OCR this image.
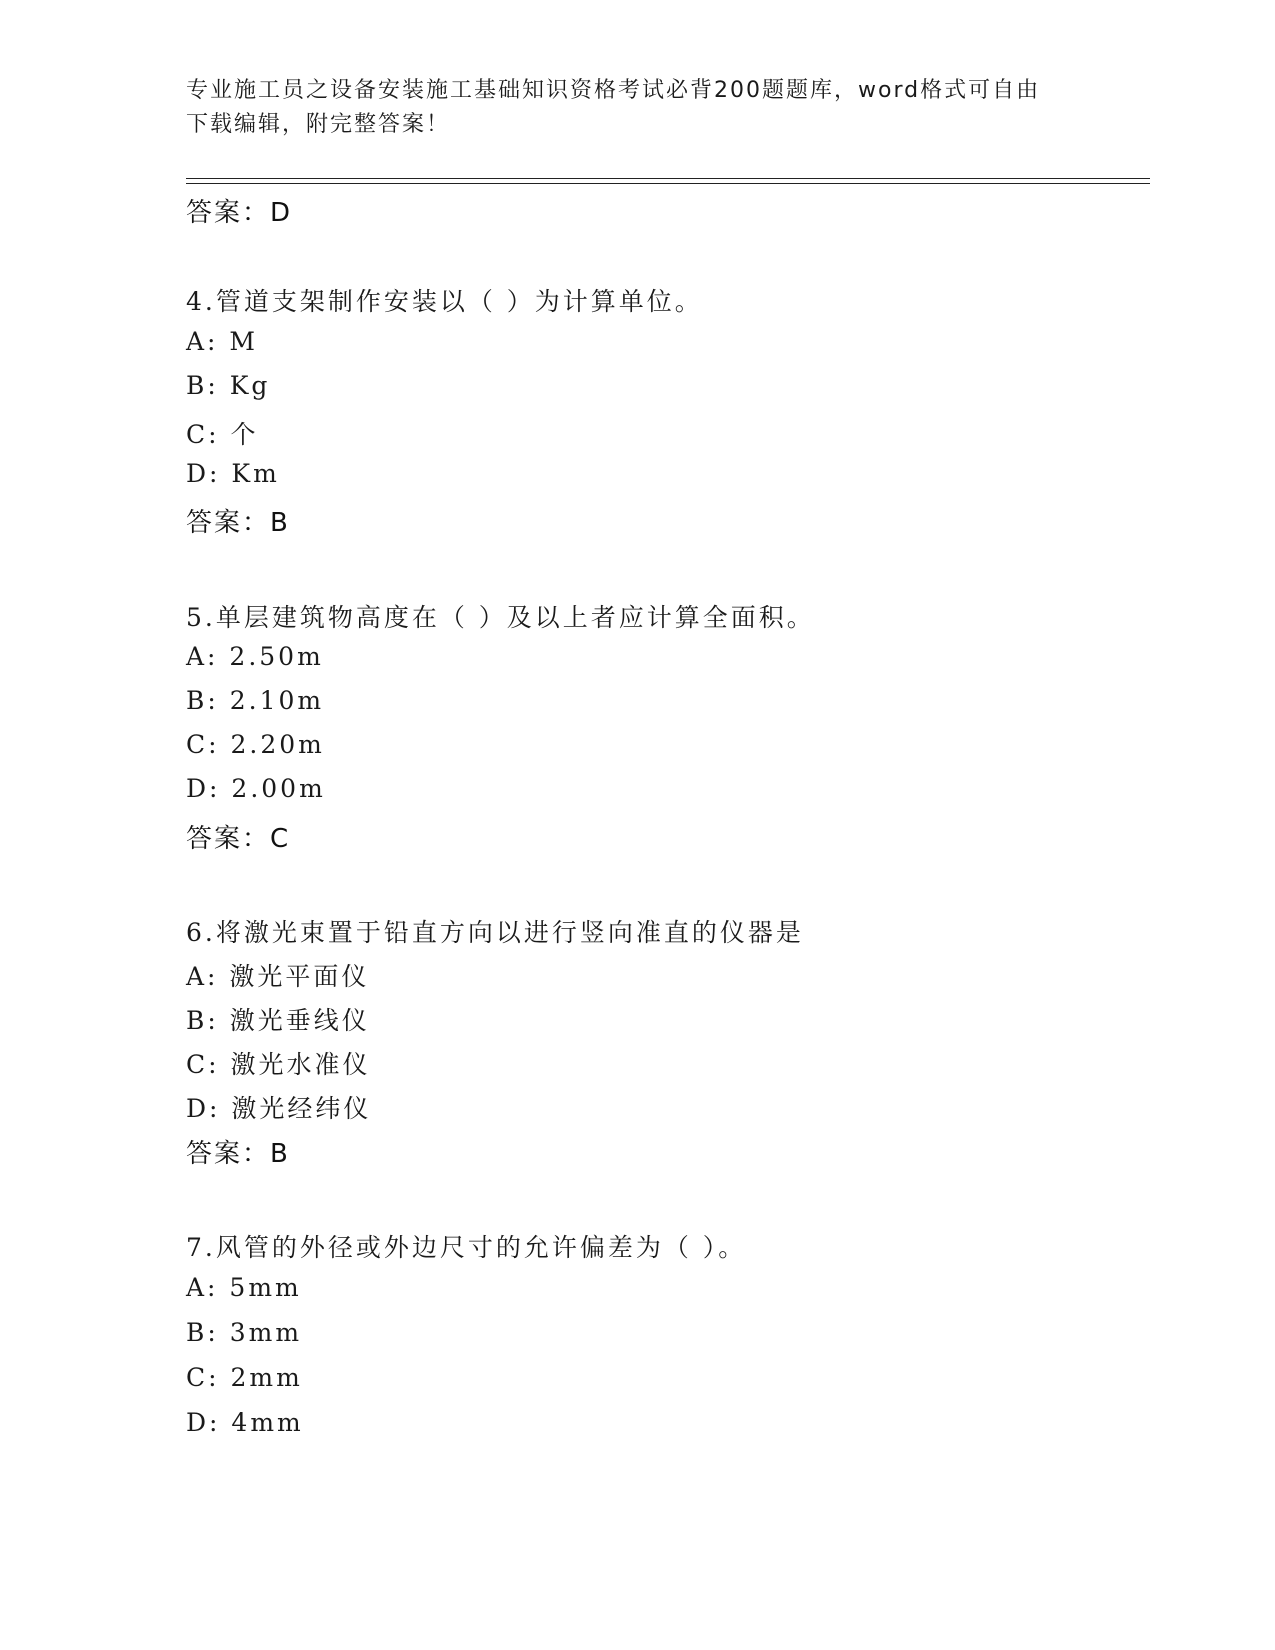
专业施工员之设备安装施工基础知识资格考试必背200题题库，word格式可自由
下载编辑，附完整答案！
答案：D
4.管道支架制作安装以（ ）为计算单位。
A: M
B: Kg
C: 个
D: Km
答案：B
5.单层建筑物高度在（ ）及以上者应计算全面积。
A: 2.50m
B: 2.10m
C: 2.20m
D: 2.00m
答案：C
6.将激光束置于铅直方向以进行竖向准直的仪器是
A: 激光平面仪
B: 激光垂线仪
C: 激光水准仪
D: 激光经纬仪
答案：B
7.风管的外径或外边尺寸的允许偏差为（ ）。
A: 5mm
B: 3mm
C: 2mm
D: 4mm
